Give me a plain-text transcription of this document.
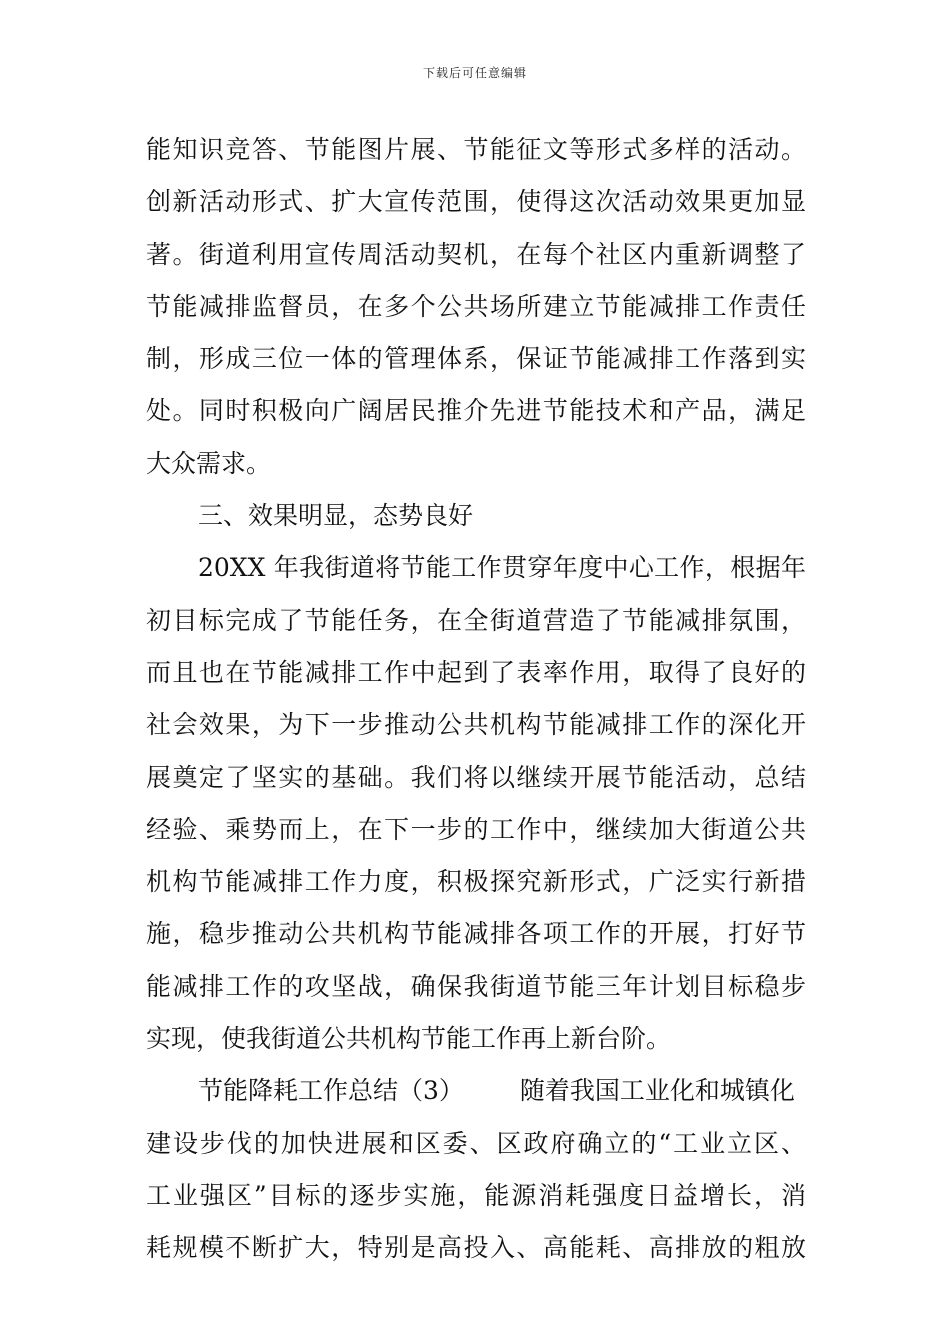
下载后可任意编辑
能知识竞答、节能图片展、节能征文等形式多样的活动。
创新活动形式、扩大宣传范围，使得这次活动效果更加显
著。街道利用宣传周活动契机，在每个社区内重新调整了
节能减排监督员，在多个公共场所建立节能减排工作责任
制，形成三位一体的管理体系，保证节能减排工作落到实
处。同时积极向广阔居民推介先进节能技术和产品，满足
大众需求。
三、效果明显，态势良好
20XX 年我街道将节能工作贯穿年度中心工作，根据年
初目标完成了节能任务，在全街道营造了节能减排氛围，
而且也在节能减排工作中起到了表率作用，取得了良好的
社会效果，为下一步推动公共机构节能减排工作的深化开
展奠定了坚实的基础。我们将以继续开展节能活动，总结
经验、乘势而上，在下一步的工作中，继续加大街道公共
机构节能减排工作力度，积极探究新形式，广泛实行新措
施，稳步推动公共机构节能减排各项工作的开展，打好节
能减排工作的攻坚战，确保我街道节能三年计划目标稳步
实现，使我街道公共机构节能工作再上新台阶。
节能降耗工作总结（3） 随着我国工业化和城镇化
建设步伐的加快进展和区委、区政府确立的“工业立区、
工业强区”目标的逐步实施，能源消耗强度日益增长，消
耗规模不断扩大，特别是高投入、高能耗、高排放的粗放
